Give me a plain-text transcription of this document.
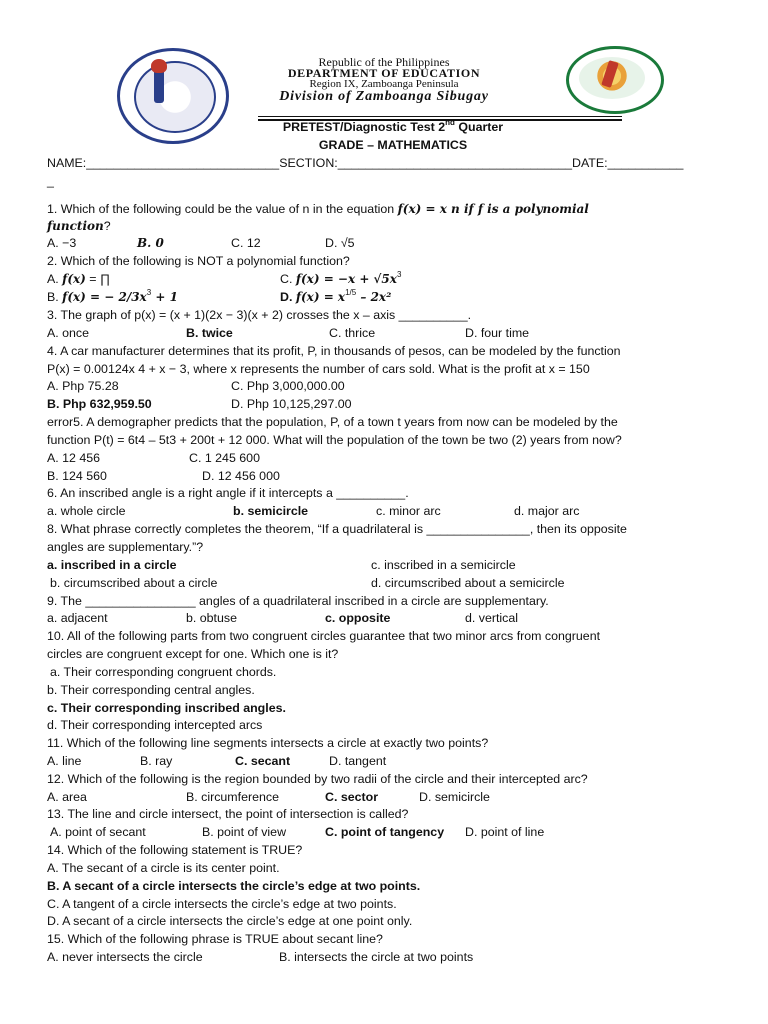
Republic of the Philippines
DEPARTMENT OF EDUCATION
Region IX, Zamboanga Peninsula
Division of Zamboanga Sibugay
PRETEST/Diagnostic Test 2nd Quarter
GRADE – MATHEMATICS
NAME:____________________________SECTION:__________________________________DATE:___________
_
1. Which of the following could be the value of n in the equation f(x) = x n if f is a polynomial
function?
A. −3	B. 0	C. 12	D. √5
2. Which of the following is NOT a polynomial function?
A. f(x) = ∏	C. $f(x) = -x + √5x^3$
B. f(x) = − $2/3x^3 + 1$	D. $f(x) = x^{1/5} - 2x^2$
3. The graph of p(x) = (x + 1)(2x − 3)(x + 2) crosses the x – axis __________.
A. once	B. twice	C. thrice	D. four time
4. A car manufacturer determines that its profit, P, in thousands of pesos, can be modeled by the function
P(x) = 0.00124x 4 + x − 3, where x represents the number of cars sold. What is the profit at x = 150
A. Php 75.28	C. Php 3,000,000.00
B. Php 632,959.50	D. Php 10,125,297.00
error5. A demographer predicts that the population, P, of a town t years from now can be modeled by the
function P(t) = 6t4 – 5t3 + 200t + 12 000. What will the population of the town be two (2) years from now?
A. 12 456	C. 1 245 600
B. 124 560	D. 12 456 000
6. An inscribed angle is a right angle if it intercepts a __________.
a. whole circle	b. semicircle	c. minor arc	d. major arc
8. What phrase correctly completes the theorem, “If a quadrilateral is _______________, then its opposite
angles are supplementary.”?
a. inscribed in a circle	c. inscribed in a semicircle
b. circumscribed about a circle	d. circumscribed about a semicircle
9. The ________________ angles of a quadrilateral inscribed in a circle are supplementary.
a. adjacent	b. obtuse	c. opposite	d. vertical
10. All of the following parts from two congruent circles guarantee that two minor arcs from congruent
circles are congruent except for one. Which one is it?
a. Their corresponding congruent chords.
b. Their corresponding central angles.
c. Their corresponding inscribed angles.
d. Their corresponding intercepted arcs
11. Which of the following line segments intersects a circle at exactly two points?
A. line	B. ray	C. secant	D. tangent
12. Which of the following is the region bounded by two radii of the circle and their intercepted arc?
A. area	B. circumference	C. sector	D. semicircle
13. The line and circle intersect, the point of intersection is called?
A. point of secant	B. point of view	C. point of tangency D. point of line
14. Which of the following statement is TRUE?
A. The secant of a circle is its center point.
B. A secant of a circle intersects the circle’s edge at two points.
C. A tangent of a circle intersects the circle’s edge at two points.
D. A secant of a circle intersects the circle’s edge at one point only.
15. Which of the following phrase is TRUE about secant line?
A. never intersects the circle	B. intersects the circle at two points
